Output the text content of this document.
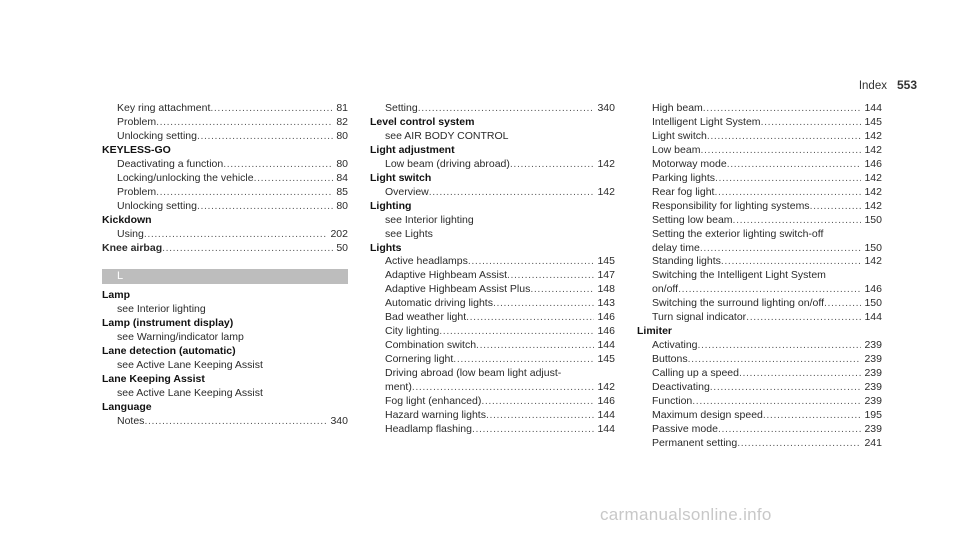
Index 553
Key ring attachment .....	81
Problem .....	82
Unlocking setting .....	80
KEYLESS-GO
Deactivating a function .....	80
Locking/unlocking the vehicle .....	84
Problem .....	85
Unlocking setting .....	80
Kickdown
Using .....	202
Knee airbag .....	50
L
Lamp
see Interior lighting
Lamp (instrument display)
see Warning/indicator lamp
Lane detection (automatic)
see Active Lane Keeping Assist
Lane Keeping Assist
see Active Lane Keeping Assist
Language
Notes .....	340
Setting .....	340
Level control system
see AIR BODY CONTROL
Light adjustment
Low beam (driving abroad) .....	142
Light switch
Overview .....	142
Lighting
see Interior lighting
see Lights
Lights
Active headlamps .....	145
Adaptive Highbeam Assist .....	147
Adaptive Highbeam Assist Plus .....	148
Automatic driving lights .....	143
Bad weather light .....	146
City lighting .....	146
Combination switch .....	144
Cornering light .....	145
Driving abroad (low beam light adjust-
ment) .....	142
Fog light (enhanced) .....	146
Hazard warning lights .....	144
Headlamp flashing .....	144
High beam .....	144
Intelligent Light System .....	145
Light switch .....	142
Low beam .....	142
Motorway mode .....	146
Parking lights .....	142
Rear fog light .....	142
Responsibility for lighting systems .....	142
Setting low beam .....	150
Setting the exterior lighting switch-off
delay time .....	150
Standing lights .....	142
Switching the Intelligent Light System
on/off .....	146
Switching the surround lighting on/off .....	150
Turn signal indicator .....	144
Limiter
Activating .....	239
Buttons .....	239
Calling up a speed .....	239
Deactivating .....	239
Function .....	239
Maximum design speed .....	195
Passive mode .....	239
Permanent setting .....	241
carmanualsonline.info
